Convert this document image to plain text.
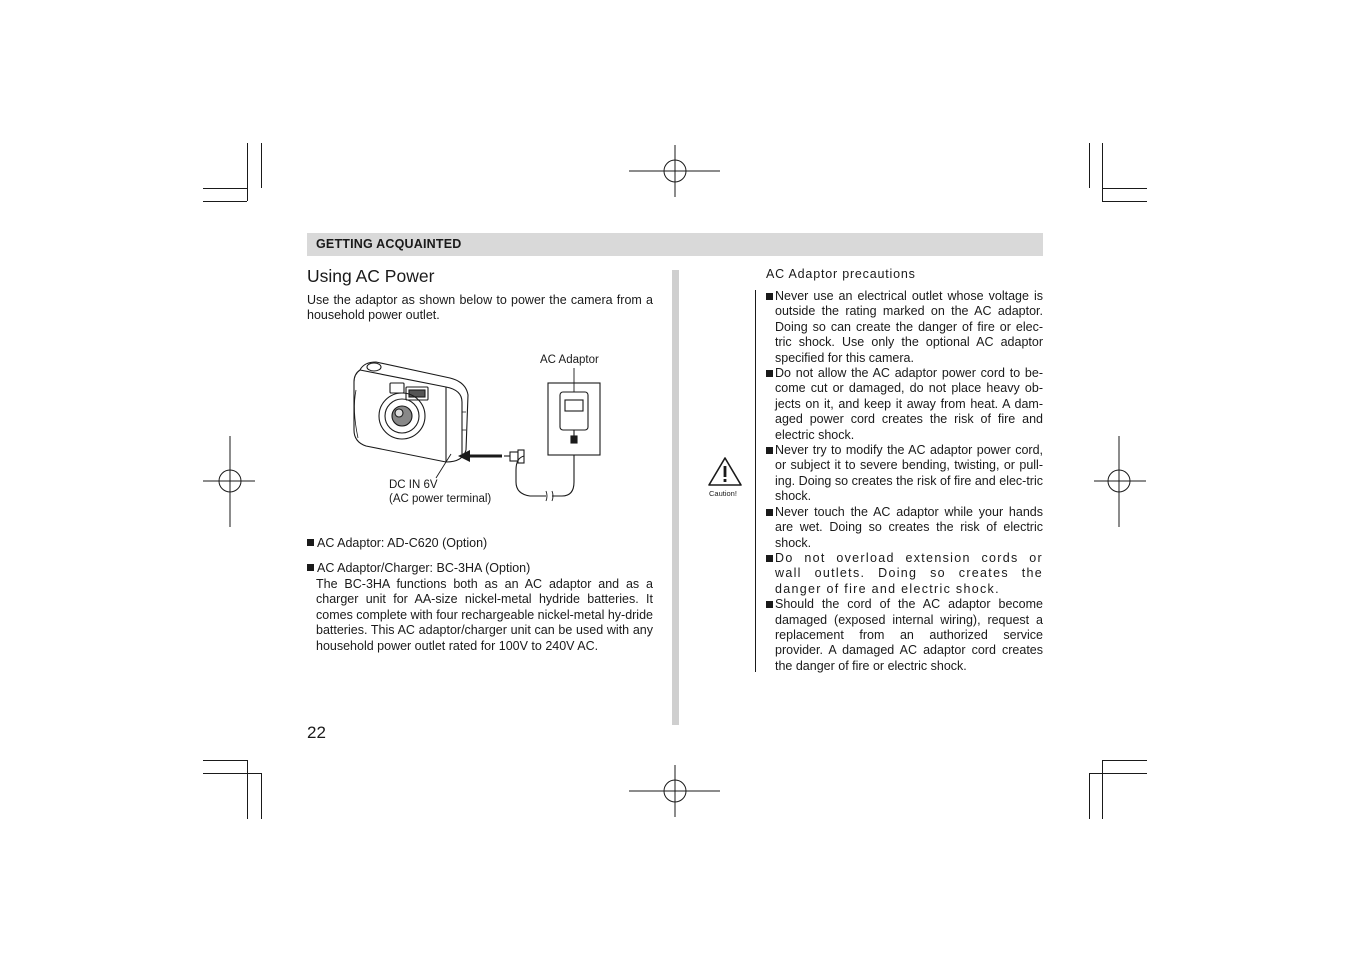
GETTING ACQUAINTED
Using AC Power
Use the adaptor as shown below to power the camera from a household power outlet.
AC Adaptor
DC IN 6V
(AC power terminal)
AC Adaptor: AD-C620 (Option)
AC Adaptor/Charger: BC-3HA (Option)
The BC-3HA functions both as an AC adaptor and as a charger unit for AA-size nickel-metal hydride batteries. It comes complete with four rechargeable nickel-metal hy-dride batteries. This AC adaptor/charger unit can be used with any household power outlet rated for 100V to 240V AC.
22
AC Adaptor precautions
Caution!
Never use an electrical outlet whose voltage is outside the rating marked on the AC adaptor. Doing so can create the danger of fire or elec-tric shock. Use only the optional AC adaptor specified for this camera.
Do not allow the AC adaptor power cord to be-come cut or damaged, do not place heavy ob-jects on it, and keep it away from heat. A dam-aged power cord creates the risk of fire and electric shock.
Never try to modify the AC adaptor power cord, or subject it to severe bending, twisting, or pull-ing. Doing so creates the risk of fire and elec-tric shock.
Never touch the AC adaptor while your hands are wet. Doing so creates the risk of electric shock.
Do not overload extension cords or wall outlets. Doing so creates the danger of fire and electric shock.
Should the cord of the AC adaptor become damaged (exposed internal wiring), request a replacement from an authorized service provider. A damaged AC adaptor cord creates the danger of fire or electric shock.
